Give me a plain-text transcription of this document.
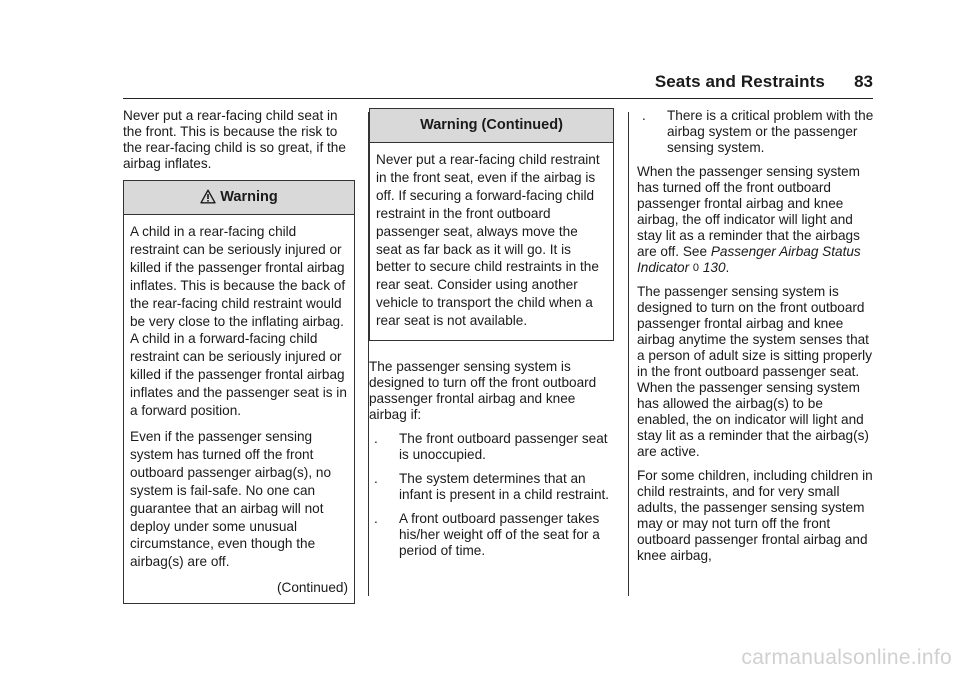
Seats and Restraints 83

Never put a rear-facing child seat in the front. This is because the risk to the rear-facing child is so great, if the airbag inflates.

Warning

A child in a rear-facing child restraint can be seriously injured or killed if the passenger frontal airbag inflates. This is because the back of the rear-facing child restraint would be very close to the inflating airbag. A child in a forward-facing child restraint can be seriously injured or killed if the passenger frontal airbag inflates and the passenger seat is in a forward position.

Even if the passenger sensing system has turned off the front outboard passenger airbag(s), no system is fail-safe. No one can guarantee that an airbag will not deploy under some unusual circumstance, even though the airbag(s) are off.

(Continued)

Warning (Continued)

Never put a rear-facing child restraint in the front seat, even if the airbag is off. If securing a forward-facing child restraint in the front outboard passenger seat, always move the seat as far back as it will go. It is better to secure child restraints in the rear seat. Consider using another vehicle to transport the child when a rear seat is not available.

The passenger sensing system is designed to turn off the front outboard passenger frontal airbag and knee airbag if:

. The front outboard passenger seat is unoccupied.
. The system determines that an infant is present in a child restraint.
. A front outboard passenger takes his/her weight off of the seat for a period of time.
. There is a critical problem with the airbag system or the passenger sensing system.

When the passenger sensing system has turned off the front outboard passenger frontal airbag and knee airbag, the off indicator will light and stay lit as a reminder that the airbags are off. See Passenger Airbag Status Indicator 0 130.

The passenger sensing system is designed to turn on the front outboard passenger frontal airbag and knee airbag anytime the system senses that a person of adult size is sitting properly in the front outboard passenger seat. When the passenger sensing system has allowed the airbag(s) to be enabled, the on indicator will light and stay lit as a reminder that the airbag(s) are active.

For some children, including children in child restraints, and for very small adults, the passenger sensing system may or may not turn off the front outboard passenger frontal airbag and knee airbag,

carmanualsonline.info
